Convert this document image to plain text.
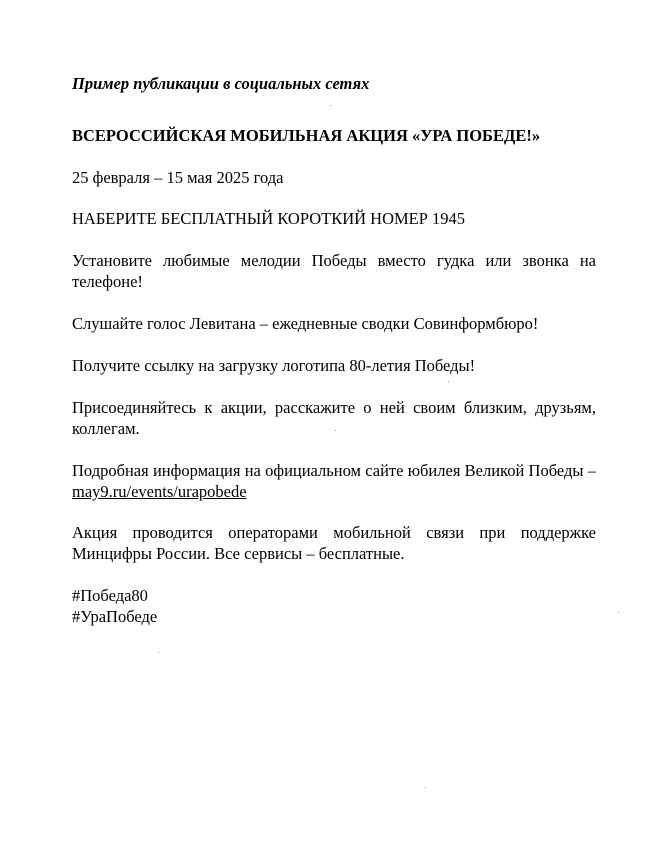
Пример публикации в социальных сетях

ВСЕРОССИЙСКАЯ МОБИЛЬНАЯ АКЦИЯ «УРА ПОБЕДЕ!»

25 февраля – 15 мая 2025 года

НАБЕРИТЕ БЕСПЛАТНЫЙ КОРОТКИЙ НОМЕР 1945

Установите любимые мелодии Победы вместо гудка или звонка на телефоне!

Слушайте голос Левитана – ежедневные сводки Совинформбюро!

Получите ссылку на загрузку логотипа 80-летия Победы!

Присоединяйтесь к акции, расскажите о ней своим близким, друзьям, коллегам.

Подробная информация на официальном сайте юбилея Великой Победы – may9.ru/events/urapobede

Акция проводится операторами мобильной связи при поддержке Минцифры России. Все сервисы – бесплатные.

#Победа80

#УраПобеде
